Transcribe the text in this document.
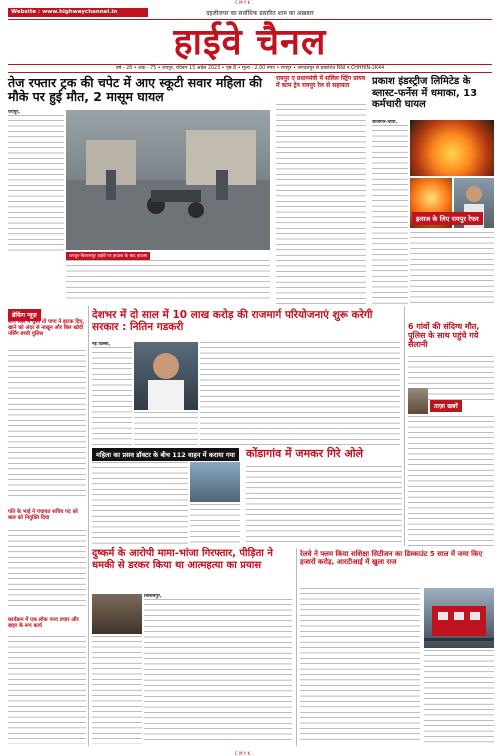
C M Y K
Website : www.highwaychannel.in	दहलीजपर का सर्वाधिक प्रसारित शाम का अखबार
हाईवे चैनल
वर्ष - 28 • अंक - 75 • रायपुर, रविवार 15 अप्रैल 2023 • पृष्ठ 8 • मूल्य : 2.00 रुपए • रायपुर • जगदलपुर से प्रकाशित RNI नं.CHHHIN-2K44
तेज रफ्तार ट्रक की चपेट में आए स्कूटी सवार महिला की मौके पर हुई मौत, 2 मासूम घायल
रायपुर,
रायपुर-बिलासपुर हाईवे पर हादसा के बाद हादसा
रायपुर ए प्रधानमंत्री में सलिल स्ट्रिंग प्रायव में काम ट्रेन रायपुर रेल से सहायता	प्रकाश इंडस्ट्रीज लिमिटेड के ब्लास्ट-फर्नेस में धमाका, 13 कर्मचारी घायल
जांजगीर-चांपा,
इलाज के लिए रायपुर रेफर
ब्रेकिंग न्यूज़
सांप बिल में घुसा तो पापा ने झटक दिए, खाने को अंदर से नाखून और बिल खोदी नर्सिंग बच्ची पुलिस
पति के भाई ने पंचायत सचिव पद को बाल को नियुक्ति दिया
कार्यक्रम में एक लोक गाना प्रचार और बाहर के रूप कार्य
देशभर में दो साल में 10 लाख करोड़ की राजमार्ग परियोजनाएं शुरू करेगी सरकार : नितिन गडकरी
नई दिल्ली,
6 गांवों की संदिग्ध मौत, पुलिस के साथ पहुंचे गये सैलानी
ताज़ा खबरें
महिला का प्रसव डॉक्टर के बीच 112 वाहन में कराया गया	कोंडागांव में जमकर गिरे ओले
दुष्कर्म के आरोपी मामा-भांजा गिरफ्तार, पीड़िता ने धमकी से डरकर किया था आत्महत्या का प्रयास
बिलासपुर,
रेलवे ने फ्लम किया सशिक्षा सिटीजन का डिस्काउंट 5 साल में जमा किए हजारों करोड़, आरटीआई में खुला राज
C M Y K
